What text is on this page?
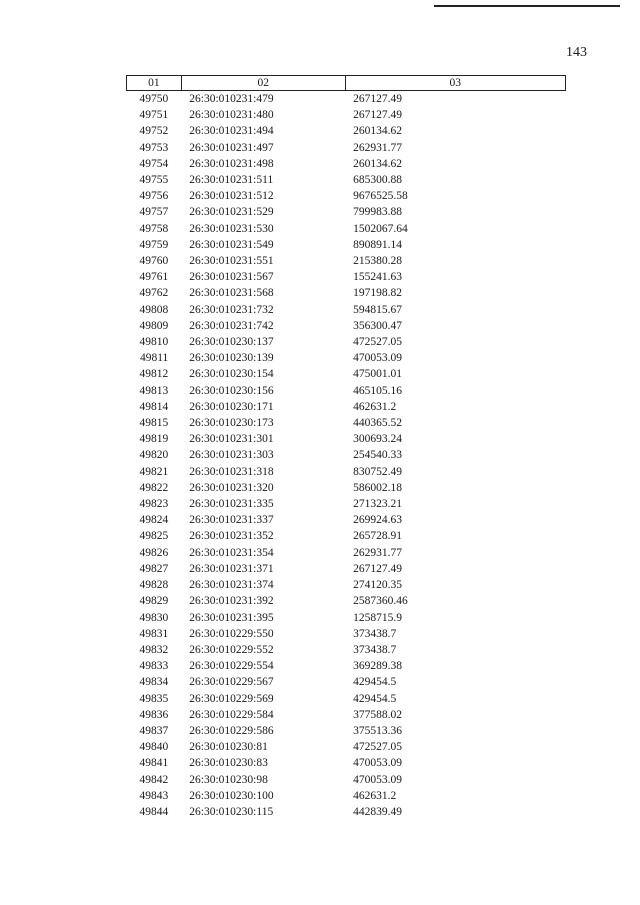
143
01	02	03
49750	26:30:010231:479	267127.49
49751	26:30:010231:480	267127.49
49752	26:30:010231:494	260134.62
49753	26:30:010231:497	262931.77
49754	26:30:010231:498	260134.62
49755	26:30:010231:511	685300.88
49756	26:30:010231:512	9676525.58
49757	26:30:010231:529	799983.88
49758	26:30:010231:530	1502067.64
49759	26:30:010231:549	890891.14
49760	26:30:010231:551	215380.28
49761	26:30:010231:567	155241.63
49762	26:30:010231:568	197198.82
49808	26:30:010231:732	594815.67
49809	26:30:010231:742	356300.47
49810	26:30:010230:137	472527.05
49811	26:30:010230:139	470053.09
49812	26:30:010230:154	475001.01
49813	26:30:010230:156	465105.16
49814	26:30:010230:171	462631.2
49815	26:30:010230:173	440365.52
49819	26:30:010231:301	300693.24
49820	26:30:010231:303	254540.33
49821	26:30:010231:318	830752.49
49822	26:30:010231:320	586002.18
49823	26:30:010231:335	271323.21
49824	26:30:010231:337	269924.63
49825	26:30:010231:352	265728.91
49826	26:30:010231:354	262931.77
49827	26:30:010231:371	267127.49
49828	26:30:010231:374	274120.35
49829	26:30:010231:392	2587360.46
49830	26:30:010231:395	1258715.9
49831	26:30:010229:550	373438.7
49832	26:30:010229:552	373438.7
49833	26:30:010229:554	369289.38
49834	26:30:010229:567	429454.5
49835	26:30:010229:569	429454.5
49836	26:30:010229:584	377588.02
49837	26:30:010229:586	375513.36
49840	26:30:010230:81	472527.05
49841	26:30:010230:83	470053.09
49842	26:30:010230:98	470053.09
49843	26:30:010230:100	462631.2
49844	26:30:010230:115	442839.49
